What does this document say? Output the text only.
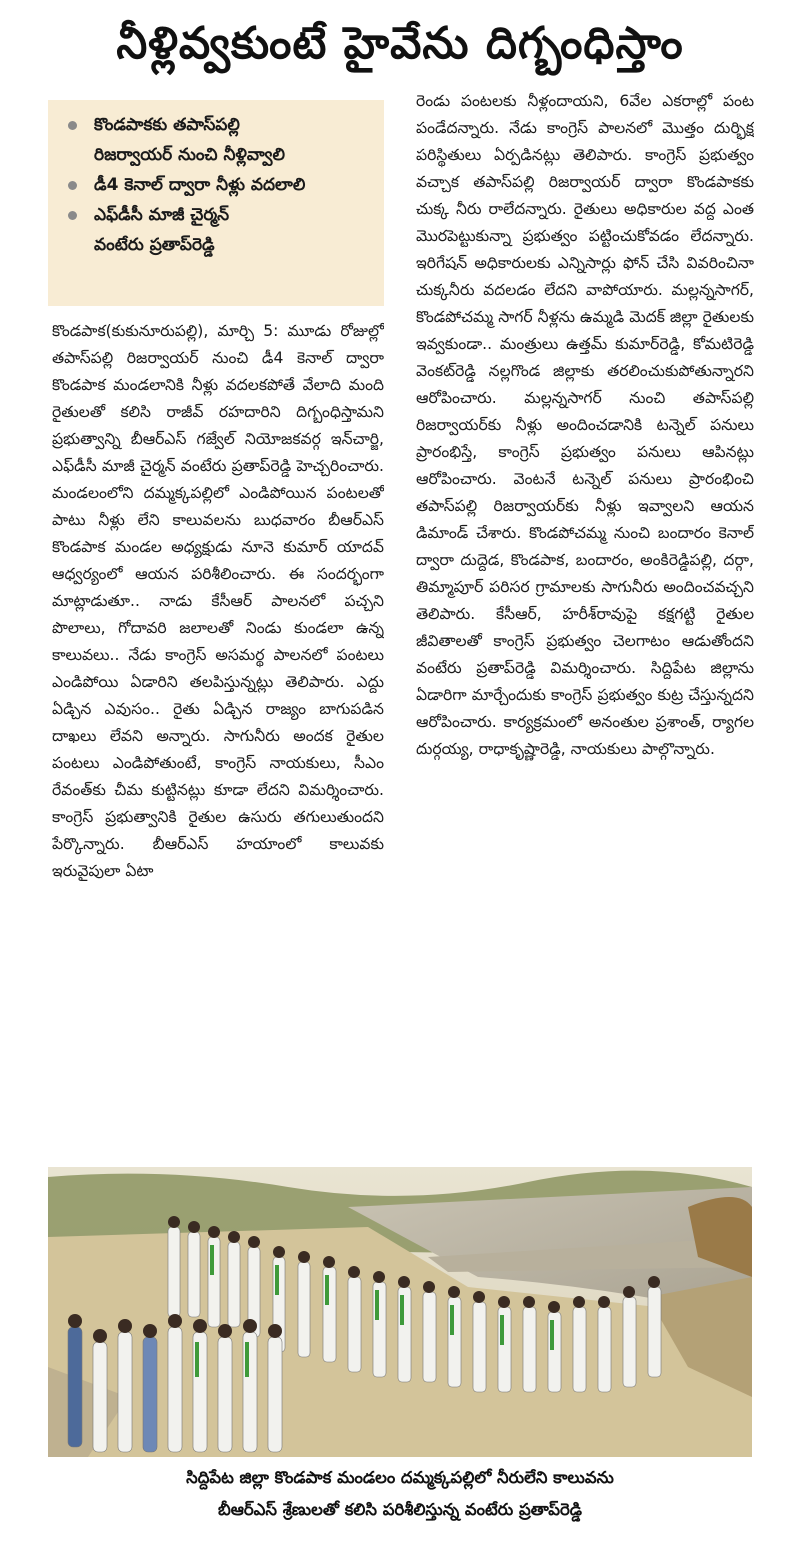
నీళ్లివ్వకుంటే హైవేను దిగ్బంధిస్తాం
కొండపాకకు తపాస్‌పల్లి
రిజర్వాయర్ నుంచి నీళ్లివ్వాలి
డీ4 కెనాల్ ద్వారా నీళ్లు వదలాలి
ఎఫ్‌డీసీ మాజీ చైర్మన్
వంటేరు ప్రతాప్‌రెడ్డి
కొండపాక(కుకునూరుపల్లి), మార్చి 5: మూడు రోజుల్లో తపాస్‌పల్లి రిజర్వాయర్ నుంచి డీ4 కెనాల్ ద్వారా కొండపాక మండలానికి నీళ్లు వదలకపోతే వేలాది మంది రైతులతో కలిసి రాజీవ్ రహదారిని దిగ్బంధిస్తామని ప్రభుత్వాన్ని బీఆర్‌ఎస్ గజ్వేల్ నియోజకవర్గ ఇన్‌చార్జి, ఎఫ్‌డీసీ మాజీ చైర్మన్ వంటేరు ప్రతాప్‌రెడ్డి హెచ్చరించారు. మండలంలోని దమ్మక్కపల్లిలో ఎండిపోయిన పంటలతో పాటు నీళ్లు లేని కాలువలను బుధవారం బీఆర్‌ఎస్ కొండపాక మండల అధ్యక్షుడు నూనె కుమార్ యాదవ్ ఆధ్వర్యంలో ఆయన పరిశీలించారు. ఈ సందర్భంగా మాట్లాడుతూ.. నాడు కేసీఆర్ పాలనలో పచ్చని పొలాలు, గోదావరి జలాలతో నిండు కుండలా ఉన్న కాలువలు.. నేడు కాంగ్రెస్ అసమర్థ పాలనలో పంటలు ఎండిపోయి ఏడారిని తలపిస్తున్నట్లు తెలిపారు. ఎద్దు ఏడ్చిన ఎవుసం.. రైతు ఏడ్చిన రాజ్యం బాగుపడిన దాఖలు లేవని అన్నారు. సాగునీరు అందక రైతుల పంటలు ఎండిపోతుంటే, కాంగ్రెస్ నాయకులు, సీఎం రేవంత్‌కు చీమ కుట్టినట్లు కూడా లేదని విమర్శించారు. కాంగ్రెస్ ప్రభుత్వానికి రైతుల ఉసురు తగులుతుందని పేర్కొన్నారు. బీఆర్‌ఎస్ హయాంలో కాలువకు ఇరువైపులా ఏటా
రెండు పంటలకు నీళ్లందాయని, 6వేల ఎకరాల్లో పంట పండేదన్నారు. నేడు కాంగ్రెస్ పాలనలో మొత్తం దుర్భిక్ష పరిస్థితులు ఏర్పడినట్లు తెలిపారు. కాంగ్రెస్ ప్రభుత్వం వచ్చాక తపాస్‌పల్లి రిజర్వాయర్ ద్వారా కొండపాకకు చుక్క నీరు రాలేదన్నారు. రైతులు అధికారుల వద్ద ఎంత మొరపెట్టుకున్నా ప్రభుత్వం పట్టించుకోవడం లేదన్నారు. ఇరిగేషన్ అధికారులకు ఎన్నిసార్లు ఫోన్ చేసి వివరించినా చుక్కనీరు వదలడం లేదని వాపోయారు. మల్లన్నసాగర్, కొండపోచమ్మ సాగర్ నీళ్లను ఉమ్మడి మెదక్ జిల్లా రైతులకు ఇవ్వకుండా.. మంత్రులు ఉత్తమ్ కుమార్‌రెడ్డి, కోమటిరెడ్డి వెంకట్‌రెడ్డి నల్లగొండ జిల్లాకు తరలించుకుపోతున్నారని ఆరోపించారు. మల్లన్నసాగర్ నుంచి తపాస్‌పల్లి రిజర్వాయర్‌కు నీళ్లు అందించడానికి టన్నెల్ పనులు ప్రారంభిస్తే, కాంగ్రెస్ ప్రభుత్వం పనులు ఆపినట్లు ఆరోపించారు. వెంటనే టన్నెల్ పనులు ప్రారంభించి తపాస్‌పల్లి రిజర్వాయర్‌కు నీళ్లు ఇవ్వాలని ఆయన డిమాండ్ చేశారు. కొండపోచమ్మ నుంచి బందారం కెనాల్ ద్వారా దుద్దెడ, కొండపాక, బందారం, అంకిరెడ్డిపల్లి, దర్గా, తిమ్మాపూర్ పరిసర గ్రామాలకు సాగునీరు అందించవచ్చని తెలిపారు. కేసీఆర్, హరీశ్‌రావుపై కక్షగట్టి రైతుల జీవితాలతో కాంగ్రెస్ ప్రభుత్వం చెలగాటం ఆడుతోందని వంటేరు ప్రతాప్‌రెడ్డి విమర్శించారు. సిద్దిపేట జిల్లాను ఏడారిగా మార్చేందుకు కాంగ్రెస్ ప్రభుత్వం కుట్ర చేస్తున్నదని ఆరోపించారు. కార్యక్రమంలో అనంతుల ప్రశాంత్, ర్యాగల దుర్గయ్య, రాధాకృష్ణారెడ్డి, నాయకులు పాల్గొన్నారు.

సిద్దిపేట జిల్లా కొండపాక మండలం దమ్మక్కపల్లిలో నీరులేని కాలువను

బీఆర్‌ఎస్ శ్రేణులతో కలిసి పరిశీలిస్తున్న వంటేరు ప్రతాప్‌రెడ్డి
